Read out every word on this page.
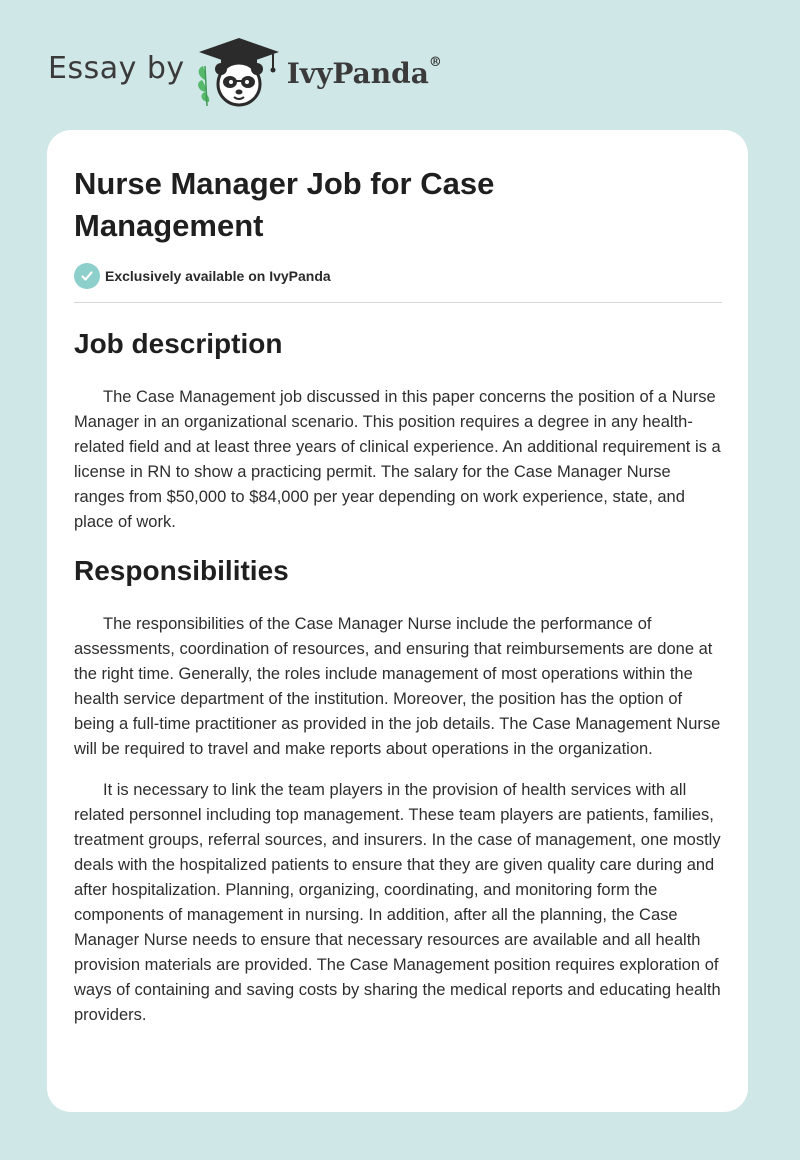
Essay by	IvyPanda®
Nurse Manager Job for Case Management
Exclusively available on IvyPanda
Job description

The Case Management job discussed in this paper concerns the position of a Nurse Manager in an organizational scenario. This position requires a degree in any health-related field and at least three years of clinical experience. An additional requirement is a license in RN to show a practicing permit. The salary for the Case Manager Nurse ranges from $50,000 to $84,000 per year depending on work experience, state, and place of work.

Responsibilities

The responsibilities of the Case Manager Nurse include the performance of assessments, coordination of resources, and ensuring that reimbursements are done at the right time. Generally, the roles include management of most operations within the health service department of the institution. Moreover, the position has the option of being a full-time practitioner as provided in the job details. The Case Management Nurse will be required to travel and make reports about operations in the organization.

It is necessary to link the team players in the provision of health services with all related personnel including top management. These team players are patients, families, treatment groups, referral sources, and insurers. In the case of management, one mostly deals with the hospitalized patients to ensure that they are given quality care during and after hospitalization. Planning, organizing, coordinating, and monitoring form the components of management in nursing. In addition, after all the planning, the Case Manager Nurse needs to ensure that necessary resources are available and all health provision materials are provided. The Case Management position requires exploration of ways of containing and saving costs by sharing the medical reports and educating health providers.
